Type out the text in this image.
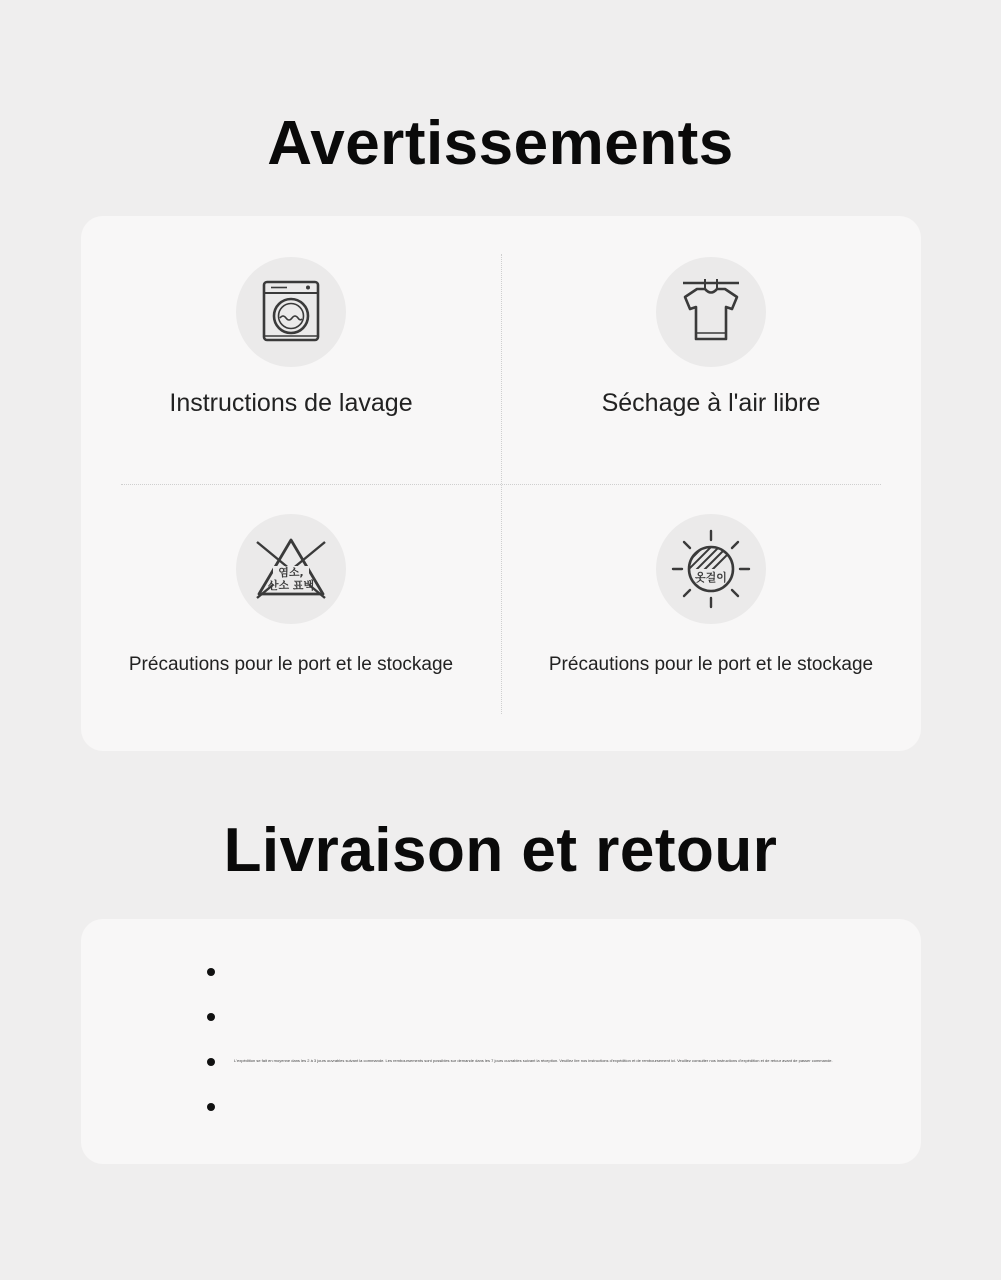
Avertissements
Instructions de lavage	Séchage à l'air libre
염소,
산소 표백
Précautions pour le port et le stockage
옷걸이
Précautions pour le port et le stockage
Livraison et retour
L'expédition se fait en moyenne dans les 2 à 3 jours ouvrables suivant la commande. Les remboursements sont possibles sur demande dans les 7 jours ouvrables suivant la réception. Veuillez lire nos instructions d'expédition et de remboursement ici. Veuillez consulter nos instructions d'expédition et de retour avant de passer commande.
